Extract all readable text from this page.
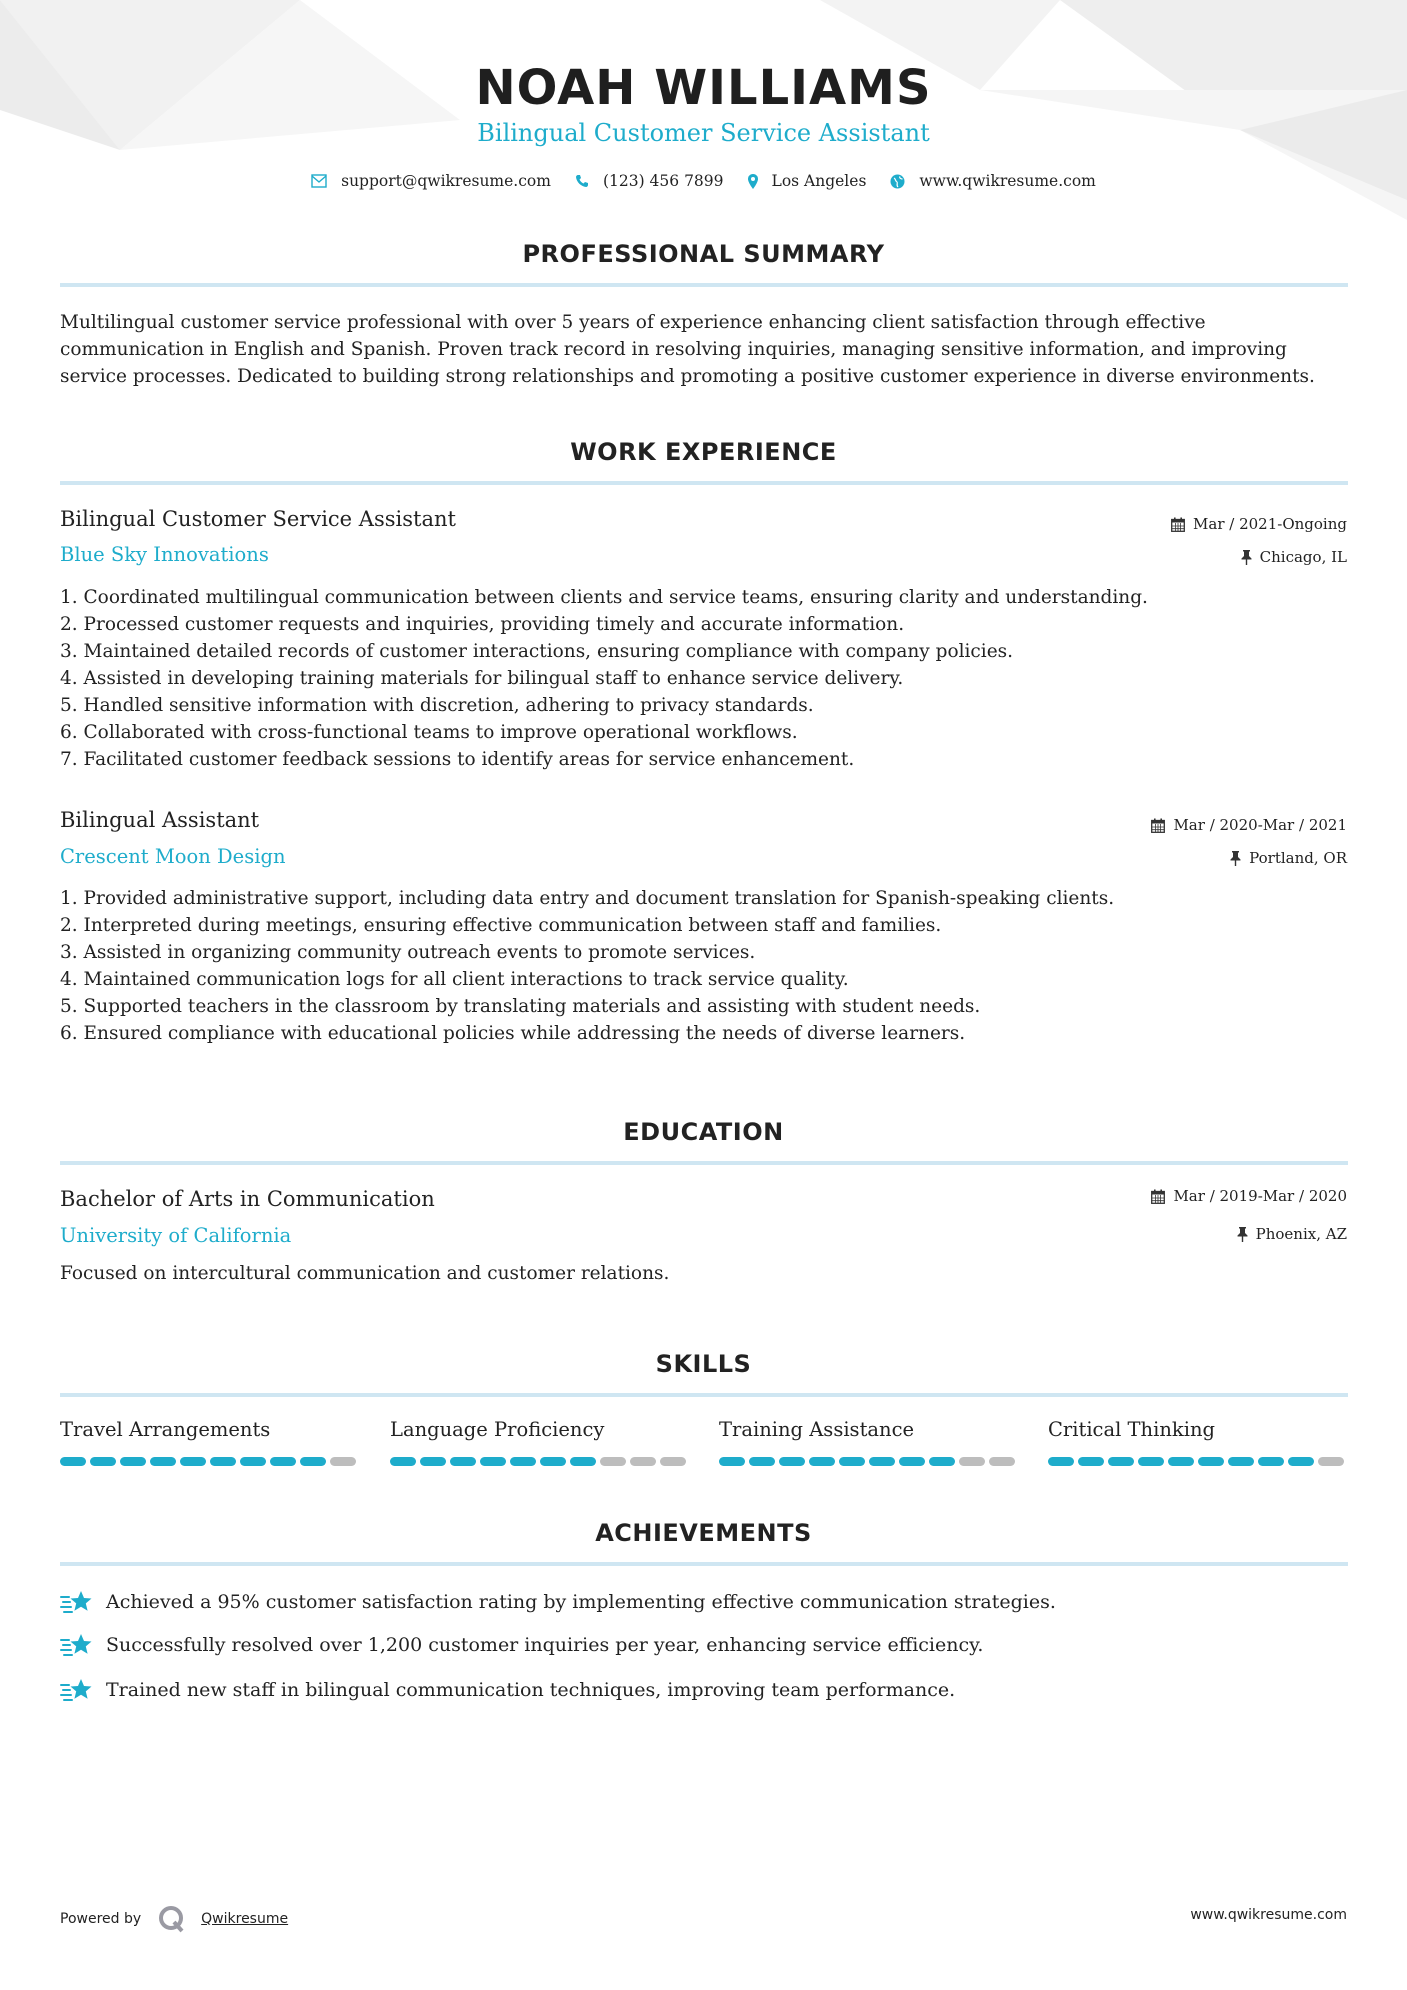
NOAH WILLIAMS
Bilingual Customer Service Assistant
support@qwikresume.com	(123) 456 7899	Los Angeles	www.qwikresume.com
PROFESSIONAL SUMMARY
Multilingual customer service professional with over 5 years of experience enhancing client satisfaction through effective
communication in English and Spanish. Proven track record in resolving inquiries, managing sensitive information, and improving
service processes. Dedicated to building strong relationships and promoting a positive customer experience in diverse environments.
WORK EXPERIENCE
Bilingual Customer Service Assistant
Blue Sky Innovations
Mar / 2021-Ongoing
Chicago, IL
1. Coordinated multilingual communication between clients and service teams, ensuring clarity and understanding.
2. Processed customer requests and inquiries, providing timely and accurate information.
3. Maintained detailed records of customer interactions, ensuring compliance with company policies.
4. Assisted in developing training materials for bilingual staff to enhance service delivery.
5. Handled sensitive information with discretion, adhering to privacy standards.
6. Collaborated with cross-functional teams to improve operational workflows.
7. Facilitated customer feedback sessions to identify areas for service enhancement.
Bilingual Assistant
Crescent Moon Design
Mar / 2020-Mar / 2021
Portland, OR
1. Provided administrative support, including data entry and document translation for Spanish-speaking clients.
2. Interpreted during meetings, ensuring effective communication between staff and families.
3. Assisted in organizing community outreach events to promote services.
4. Maintained communication logs for all client interactions to track service quality.
5. Supported teachers in the classroom by translating materials and assisting with student needs.
6. Ensured compliance with educational policies while addressing the needs of diverse learners.
EDUCATION
Bachelor of Arts in Communication
University of California
Mar / 2019-Mar / 2020
Phoenix, AZ
Focused on intercultural communication and customer relations.
SKILLS
Travel Arrangements	Language Proficiency	Training Assistance	Critical Thinking
ACHIEVEMENTS
Achieved a 95% customer satisfaction rating by implementing effective communication strategies.
Successfully resolved over 1,200 customer inquiries per year, enhancing service efficiency.
Trained new staff in bilingual communication techniques, improving team performance.
Powered by	Qwikresume	www.qwikresume.com
